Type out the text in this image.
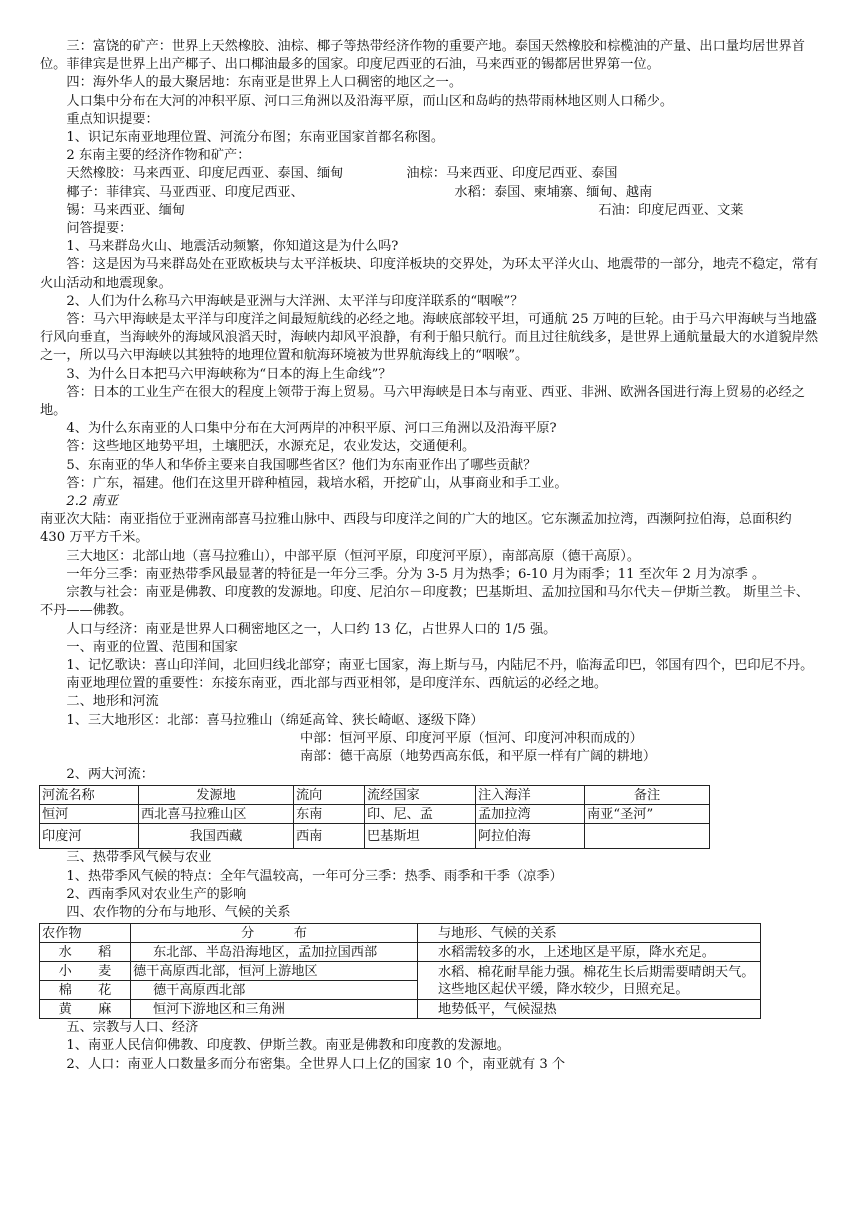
三：富饶的矿产：世界上天然橡胶、油棕、椰子等热带经济作物的重要产地。泰国天然橡胶和棕榄油的产量、出口量均居世界首位。菲律宾是世界上出产椰子、出口椰油最多的国家。印度尼西亚的石油，马来西亚的锡都居世界第一位。

四：海外华人的最大聚居地：东南亚是世界上人口稠密的地区之一。

人口集中分布在大河的冲积平原、河口三角洲以及沿海平原，而山区和岛屿的热带雨林地区则人口稀少。

重点知识提要：

1、识记东南亚地理位置、河流分布图；东南亚国家首都名称图。

2 东南主要的经济作物和矿产：

天然橡胶：马来西亚、印度尼西亚、泰国、缅甸	油棕：马来西亚、印度尼西亚、泰国
椰子：菲律宾、马亚西亚、印度尼西亚、	水稻：泰国、柬埔寨、缅甸、越南
锡：马来西亚、缅甸	石油：印度尼西亚、文莱

问答提要：

1、马来群岛火山、地震活动频繁，你知道这是为什么吗?

答：这是因为马来群岛处在亚欧板块与太平洋板块、印度洋板块的交界处，为环太平洋火山、地震带的一部分，地壳不稳定，常有火山活动和地震现象。

2、人们为什么称马六甲海峡是亚洲与大洋洲、太平洋与印度洋联系的“咽喉”？

答：马六甲海峡是太平洋与印度洋之间最短航线的必经之地。海峡底部较平坦，可通航 25 万吨的巨轮。由于马六甲海峡与当地盛行风向垂直，当海峡外的海域风浪滔天时，海峡内却风平浪静，有利于船只航行。而且过往航线多，是世界上通航量最大的水道貌岸然之一，所以马六甲海峡以其独特的地理位置和航海环境被为世界航海线上的“咽喉”。

3、为什么日本把马六甲海峡称为“日本的海上生命线”？

答：日本的工业生产在很大的程度上领带于海上贸易。马六甲海峡是日本与南亚、西亚、非洲、欧洲各国进行海上贸易的必经之地。

4、为什么东南亚的人口集中分布在大河两岸的冲积平原、河口三角洲以及沿海平原?

答：这些地区地势平坦，土壤肥沃，水源充足，农业发达，交通便利。

5、东南亚的华人和华侨主要来自我国哪些省区？他们为东南亚作出了哪些贡献？

答：广东，福建。他们在这里开辟种植园，栽培水稻，开挖矿山，从事商业和手工业。

2.2 南亚

南亚次大陆：南亚指位于亚洲南部喜马拉雅山脉中、西段与印度洋之间的广大的地区。它东濒孟加拉湾，西濒阿拉伯海，总面积约 430 万平方千米。

三大地区：北部山地（喜马拉雅山），中部平原（恒河平原，印度河平原），南部高原（德干高原）。

一年分三季：南亚热带季风最显著的特征是一年分三季。分为 3-5 月为热季；6-10 月为雨季；11 至次年 2 月为凉季 。

宗教与社会：南亚是佛教、印度教的发源地。印度、尼泊尔－印度教；巴基斯坦、孟加拉国和马尔代夫－伊斯兰教。 斯里兰卡、不丹——佛教。

人口与经济：南亚是世界人口稠密地区之一，人口约 13 亿，占世界人口的 1/5 强。

一、南亚的位置、范围和国家

1、记忆歌诀：喜山印洋间，北回归线北部穿；南亚七国家，海上斯与马，内陆尼不丹，临海孟印巴，邻国有四个，巴印尼不丹。

南亚地理位置的重要性：东接东南亚，西北部与西亚相邻，是印度洋东、西航运的必经之地。

二、地形和河流

1、三大地形区：北部：喜马拉雅山（绵延高耸、狭长崎岖、逐级下降）

中部：恒河平原、印度河平原（恒河、印度河冲积而成的）

南部：德干高原（地势西高东低，和平原一样有广阔的耕地）

2、两大河流：

河流名称	发源地	流向	流经国家	注入海洋	备注
恒河	西北喜马拉雅山区	东南	印、尼、孟	孟加拉湾	南亚“圣河”
印度河	我国西藏	西南	巴基斯坦	阿拉伯海	

三、热带季风气候与农业

1、热带季风气候的特点：全年气温较高，一年可分三季：热季、雨季和干季（凉季）

2、西南季风对农业生产的影响

四、农作物的分布与地形、气候的关系

农作物	分　　　布	与地形、气候的关系
水　　稻	东北部、半岛沿海地区，孟加拉国西部	水稻需较多的水，上述地区是平原，降水充足。
小　　麦	德干高原西北部，恒河上游地区	水稻、棉花耐旱能力强。棉花生长后期需要晴朗天气。这些地区起伏平缓，降水较少，日照充足。
棉　　花	德干高原西北部	
黄　　麻	恒河下游地区和三角洲	地势低平，气候湿热

五、宗教与人口、经济

1、南亚人民信仰佛教、印度教、伊斯兰教。南亚是佛教和印度教的发源地。

2、人口：南亚人口数量多而分布密集。全世界人口上亿的国家 10 个，南亚就有 3 个
